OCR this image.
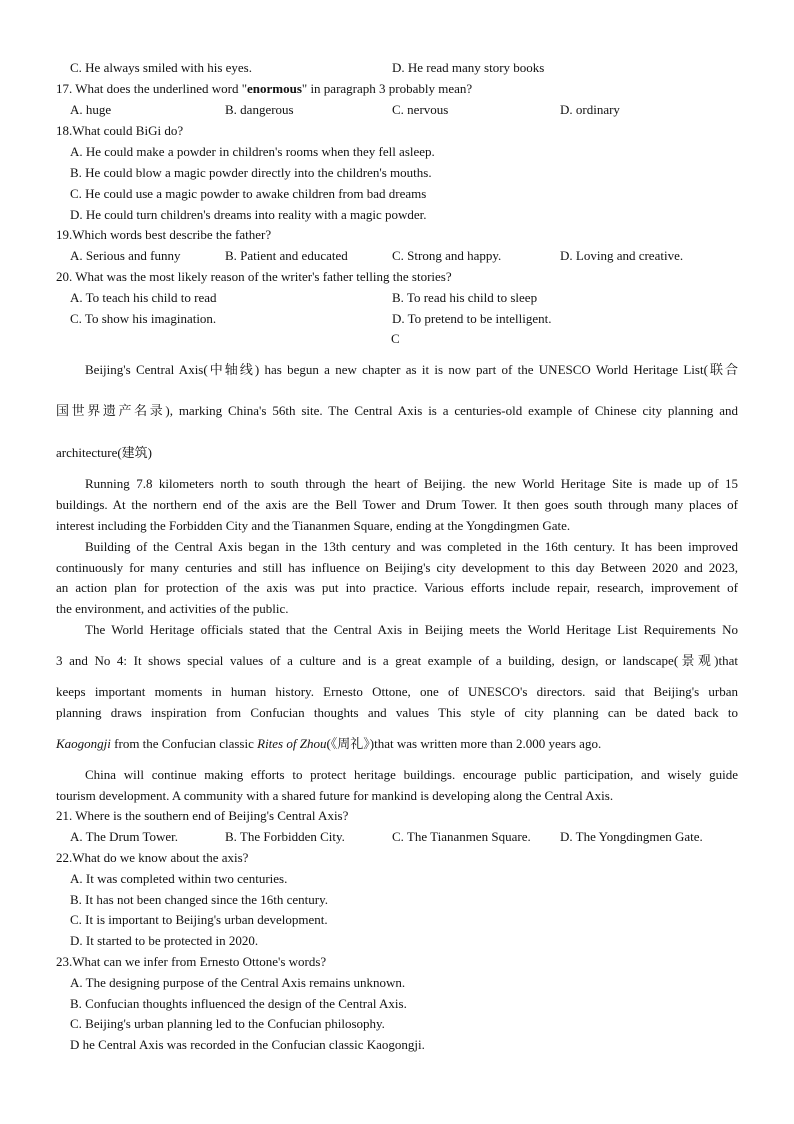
C. He always smiled with his eyes.	D. He read many story books
17. What does the underlined word "enormous" in paragraph 3 probably mean?
A. huge	B. dangerous	C. nervous	D. ordinary
18.What could BiGi do?
A. He could make a powder in children's rooms when they fell asleep.
B. He could blow a magic powder directly into the children's mouths.
C. He could use a magic powder to awake children from bad dreams
D. He could turn children's dreams into reality with a magic powder.
19.Which words best describe the father?
A. Serious and funny	B. Patient and educated	C. Strong and happy.	D. Loving and creative.
20. What was the most likely reason of the writer's father telling the stories?
A. To teach his child to read	B. To read his child to sleep
C. To show his imagination.	D. To pretend to be intelligent.
C
Beijing's Central Axis(中轴线) has begun a new chapter as it is now part of the UNESCO World Heritage List(联合
国世界遗产名录), marking China's 56th site. The Central Axis is a centuries-old example of Chinese city planning and
architecture(建筑)
Running 7.8 kilometers north to south through the heart of Beijing. the new World Heritage Site is made up of 15
buildings. At the northern end of the axis are the Bell Tower and Drum Tower. It then goes south through many places of
interest including the Forbidden City and the Tiananmen Square, ending at the Yongdingmen Gate.
Building of the Central Axis began in the 13th century and was completed in the 16th century. It has been improved
continuously for many centuries and still has influence on Beijing's city development to this day Between 2020 and 2023,
an action plan for protection of the axis was put into practice. Various efforts include repair, research, improvement of
the environment, and activities of the public.
The World Heritage officials stated that the Central Axis in Beijing meets the World Heritage List Requirements No
3 and No 4: It shows special values of a culture and is a great example of a building, design, or landscape(景观)that
keeps important moments in human history. Ernesto Ottone, one of UNESCO's directors. said that Beijing's urban
planning draws inspiration from Confucian thoughts and values This style of city planning can be dated back to
Kaogongji from the Confucian classic Rites of Zhou(《周礼》)that was written more than 2.000 years ago.
China will continue making efforts to protect heritage buildings. encourage public participation, and wisely guide
tourism development. A community with a shared future for mankind is developing along the Central Axis.
21. Where is the southern end of Beijing's Central Axis?
A. The Drum Tower.	B. The Forbidden City.	C. The Tiananmen Square. D. The Yongdingmen Gate.
22.What do we know about the axis?
A. It was completed within two centuries.
B. It has not been changed since the 16th century.
C. It is important to Beijing's urban development.
D. It started to be protected in 2020.
23.What can we infer from Ernesto Ottone's words?
A. The designing purpose of the Central Axis remains unknown.
B. Confucian thoughts influenced the design of the Central Axis.
C. Beijing's urban planning led to the Confucian philosophy.
D he Central Axis was recorded in the Confucian classic Kaogongji.
